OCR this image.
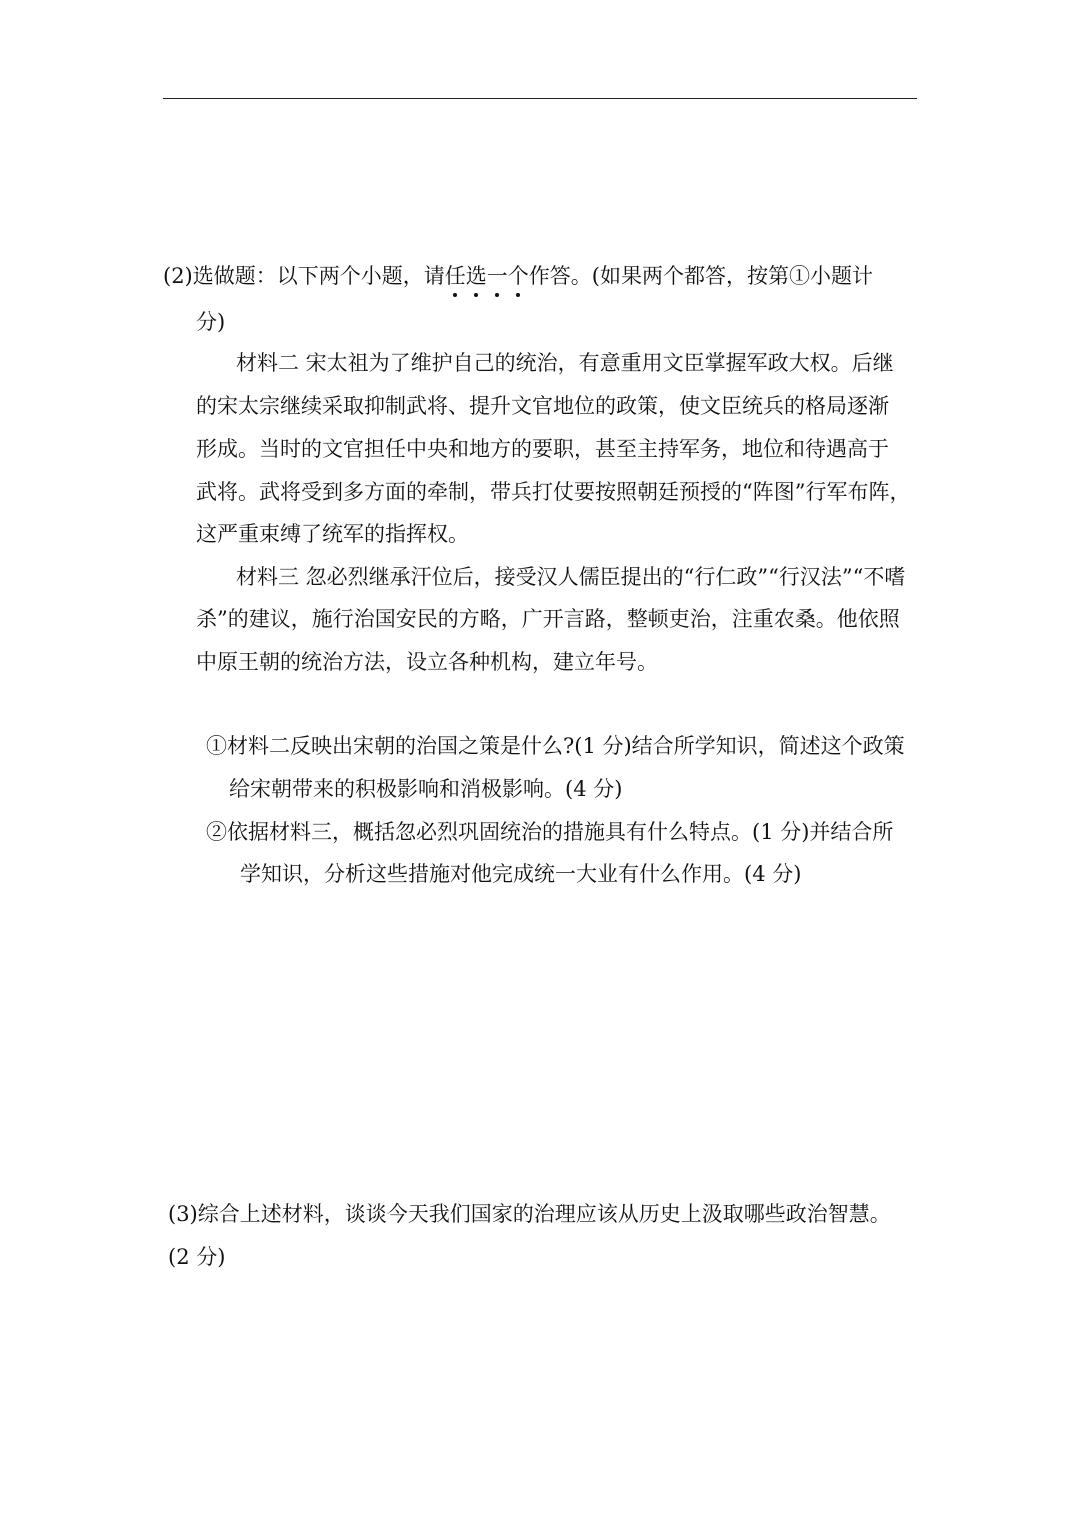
(2)选做题：以下两个小题，请任选一个作答。(如果两个都答，按第①小题计
分)
材料二 宋太祖为了维护自己的统治，有意重用文臣掌握军政大权。后继
的宋太宗继续采取抑制武将、提升文官地位的政策，使文臣统兵的格局逐渐
形成。当时的文官担任中央和地方的要职，甚至主持军务，地位和待遇高于
武将。武将受到多方面的牵制，带兵打仗要按照朝廷预授的“阵图”行军布阵，
这严重束缚了统军的指挥权。
材料三 忽必烈继承汗位后，接受汉人儒臣提出的“行仁政”“行汉法”“不嗜
杀”的建议，施行治国安民的方略，广开言路，整顿吏治，注重农桑。他依照
中原王朝的统治方法，设立各种机构，建立年号。
①材料二反映出宋朝的治国之策是什么?(1 分)结合所学知识，简述这个政策
给宋朝带来的积极影响和消极影响。(4 分)
②依据材料三，概括忽必烈巩固统治的措施具有什么特点。(1 分)并结合所
学知识，分析这些措施对他完成统一大业有什么作用。(4 分)
(3)综合上述材料，谈谈今天我们国家的治理应该从历史上汲取哪些政治智慧。
(2 分)
